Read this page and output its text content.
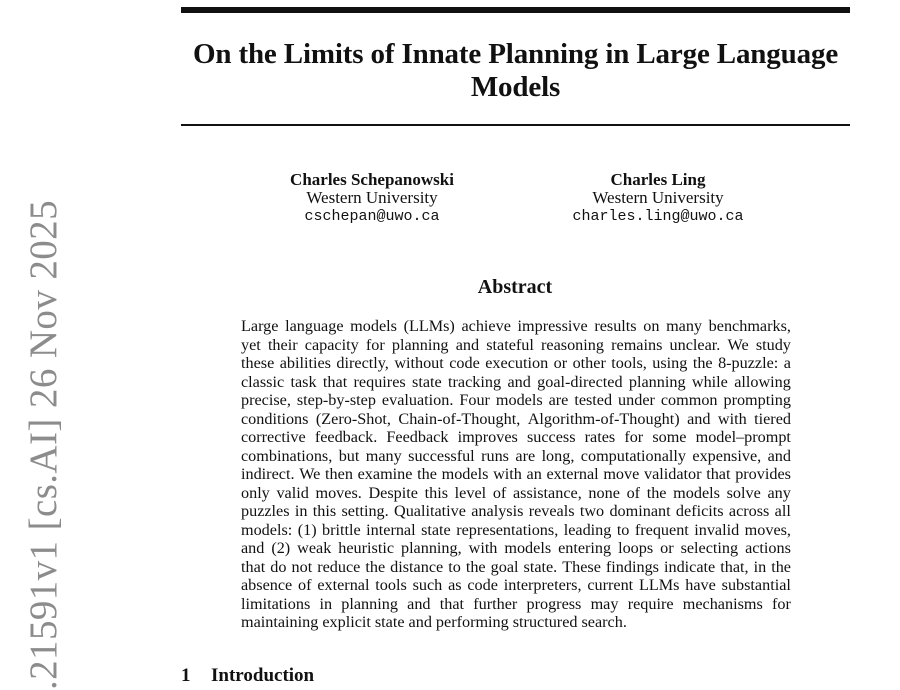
On the Limits of Innate Planning in Large Language Models
Charles Schepanowski
Western University
cschepan@uwo.ca
Charles Ling
Western University
charles.ling@uwo.ca
Abstract
Large language models (LLMs) achieve impressive results on many benchmarks,
yet their capacity for planning and stateful reasoning remains unclear. We study
these abilities directly, without code execution or other tools, using the 8-puzzle: a
classic task that requires state tracking and goal-directed planning while allowing
precise, step-by-step evaluation. Four models are tested under common prompting
conditions (Zero-Shot, Chain-of-Thought, Algorithm-of-Thought) and with tiered
corrective feedback. Feedback improves success rates for some model–prompt
combinations, but many successful runs are long, computationally expensive, and
indirect. We then examine the models with an external move validator that provides
only valid moves. Despite this level of assistance, none of the models solve any
puzzles in this setting. Qualitative analysis reveals two dominant deficits across all
models: (1) brittle internal state representations, leading to frequent invalid moves,
and (2) weak heuristic planning, with models entering loops or selecting actions
that do not reduce the distance to the goal state. These findings indicate that, in the
absence of external tools such as code interpreters, current LLMs have substantial
limitations in planning and that further progress may require mechanisms for
maintaining explicit state and performing structured search.
.21591v1 [cs.AI] 26 Nov 2025	1 Introduction
